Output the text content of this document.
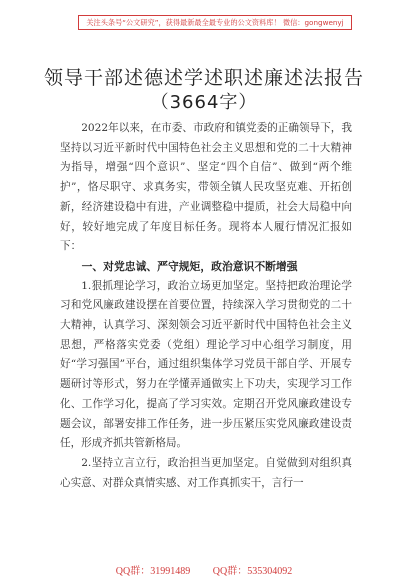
关注头条号“公文研究”，获得最新最全最专业的公文资料库！ 微信：gongwenyj
领导干部述德述学述职述廉述法报告
（3664字）

2022年以来，在市委、市政府和镇党委的正确领导下，我坚持以习近平新时代中国特色社会主义思想和党的二十大精神为指导，增强“四个意识”、坚定“四个自信”、做到“两个维护”，恪尽职守、求真务实，带领全镇人民攻坚克难、开拓创新，经济建设稳中有进，产业调整稳中提质，社会大局稳中向好，较好地完成了年度目标任务。现将本人履行情况汇报如下：

一、对党忠诚、严守规矩，政治意识不断增强

1.狠抓理论学习，政治立场更加坚定。坚持把政治理论学习和党风廉政建设摆在首要位置，持续深入学习贯彻党的二十大精神，认真学习、深刻领会习近平新时代中国特色社会主义思想，严格落实党委（党组）理论学习中心组学习制度，用好“学习强国”平台，通过组织集体学习党员干部自学、开展专题研讨等形式，努力在学懂弄通做实上下功夫，实现学习工作化、工作学习化，提高了学习实效。定期召开党风廉政建设专题会议，部署安排工作任务，进一步压紧压实党风廉政建设责任，形成齐抓共管新格局。

2.坚持立言立行，政治担当更加坚定。自觉做到对组织真心实意、对群众真情实感、对工作真抓实干，言行一

QQ群：31991489 QQ群：535304092
